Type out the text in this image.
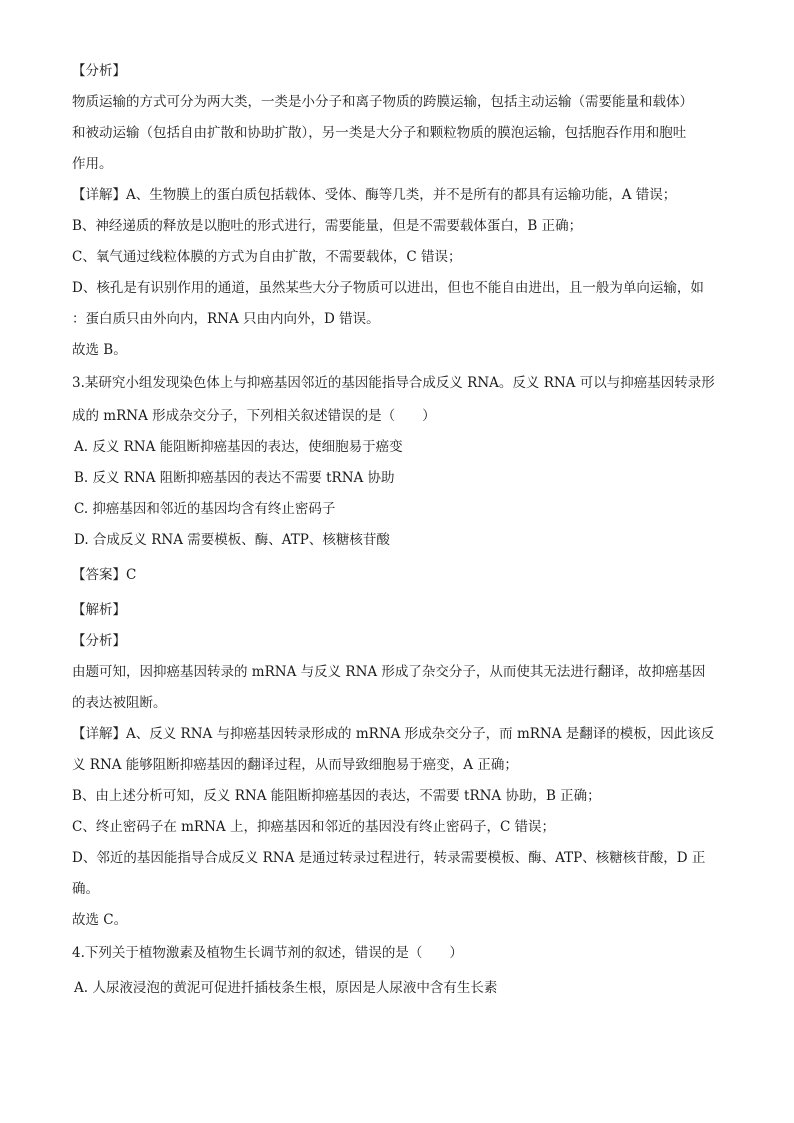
【分析】

物质运输的方式可分为两大类，一类是小分子和离子物质的跨膜运输，包括主动运输（需要能量和载体）

和被动运输（包括自由扩散和协助扩散），另一类是大分子和颗粒物质的膜泡运输，包括胞吞作用和胞吐

作用。

【详解】A、生物膜上的蛋白质包括载体、受体、酶等几类，并不是所有的都具有运输功能，A 错误；

B、神经递质的释放是以胞吐的形式进行，需要能量，但是不需要载体蛋白，B 正确；

C、氧气通过线粒体膜的方式为自由扩散，不需要载体，C 错误；

D、核孔是有识别作用的通道，虽然某些大分子物质可以进出，但也不能自由进出，且一般为单向运输，如

：蛋白质只由外向内，RNA 只由内向外，D 错误。

故选 B。

3.某研究小组发现染色体上与抑癌基因邻近的基因能指导合成反义 RNA。反义 RNA 可以与抑癌基因转录形

成的 mRNA 形成杂交分子，下列相关叙述错误的是（　　）

A. 反义 RNA 能阻断抑癌基因的表达，使细胞易于癌变

B. 反义 RNA 阻断抑癌基因的表达不需要 tRNA 协助

C. 抑癌基因和邻近的基因均含有终止密码子

D. 合成反义 RNA 需要模板、酶、ATP、核糖核苷酸

【答案】C

【解析】

【分析】

由题可知，因抑癌基因转录的 mRNA 与反义 RNA 形成了杂交分子，从而使其无法进行翻译，故抑癌基因

的表达被阻断。

【详解】A、反义 RNA 与抑癌基因转录形成的 mRNA 形成杂交分子，而 mRNA 是翻译的模板，因此该反

义 RNA 能够阻断抑癌基因的翻译过程，从而导致细胞易于癌变，A 正确；

B、由上述分析可知，反义 RNA 能阻断抑癌基因的表达，不需要 tRNA 协助，B 正确；

C、终止密码子在 mRNA 上，抑癌基因和邻近的基因没有终止密码子，C 错误；

D、邻近的基因能指导合成反义 RNA 是通过转录过程进行，转录需要模板、酶、ATP、核糖核苷酸，D 正

确。

故选 C。

4.下列关于植物激素及植物生长调节剂的叙述，错误的是（　　）

A. 人尿液浸泡的黄泥可促进扦插枝条生根，原因是人尿液中含有生长素
